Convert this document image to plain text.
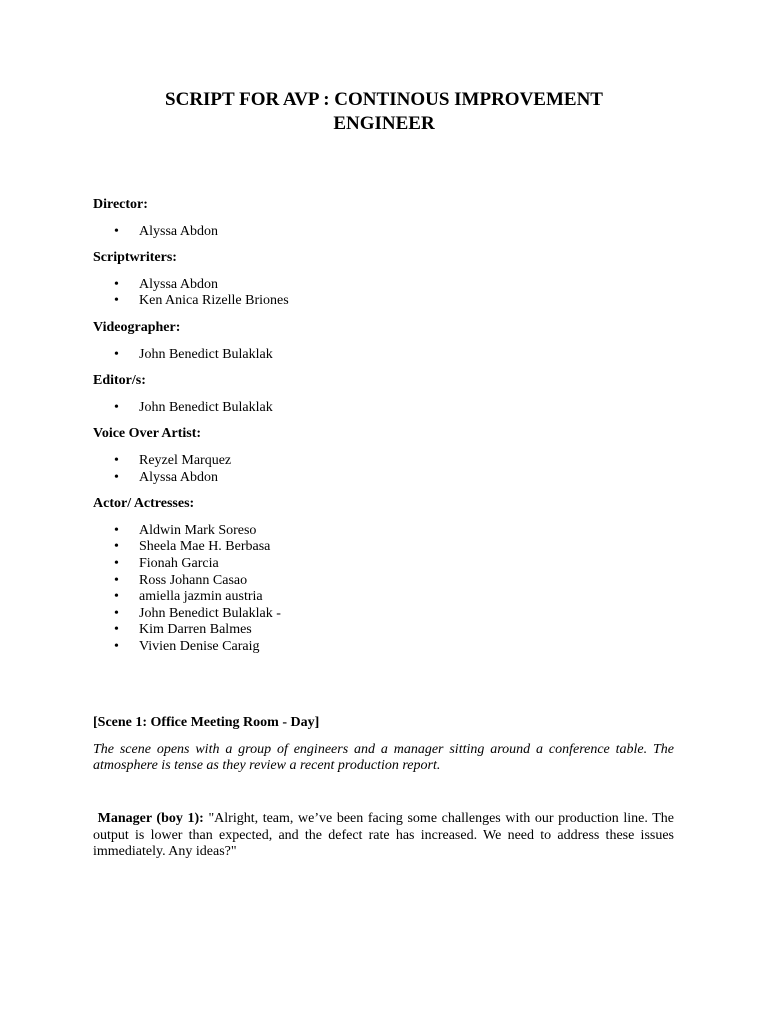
SCRIPT FOR AVP : CONTINOUS IMPROVEMENT
ENGINEER
Director:
• Alyssa Abdon
Scriptwriters:
• Alyssa Abdon
• Ken Anica Rizelle Briones
Videographer:
• John Benedict Bulaklak
Editor/s:
• John Benedict Bulaklak
Voice Over Artist:
• Reyzel Marquez
• Alyssa Abdon
Actor/ Actresses:
• Aldwin Mark Soreso
• Sheela Mae H. Berbasa
• Fionah Garcia
• Ross Johann Casao
• amiella jazmin austria
• John Benedict Bulaklak -
• Kim Darren Balmes
• Vivien Denise Caraig
[Scene 1: Office Meeting Room - Day]

The scene opens with a group of engineers and a manager sitting around a conference table. The atmosphere is tense as they review a recent production report.

Manager (boy 1): "Alright, team, we’ve been facing some challenges with our production line. The output is lower than expected, and the defect rate has increased. We need to address these issues immediately. Any ideas?"
